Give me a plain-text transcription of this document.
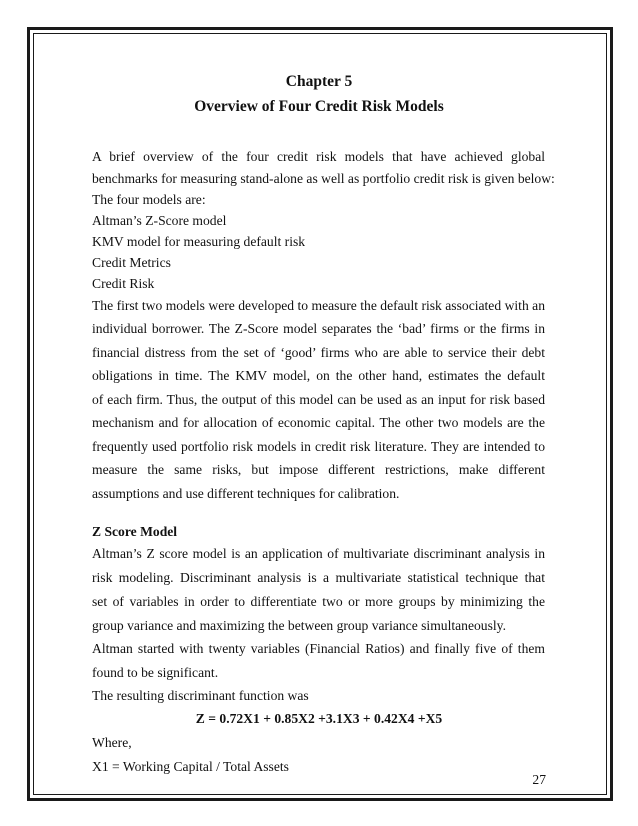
Chapter 5
Overview of Four Credit Risk Models
A brief overview of the four credit risk models that have achieved global
benchmarks for measuring stand-alone as well as portfolio credit risk is given below:
The four models are:
Altman’s Z-Score model
KMV model for measuring default risk
Credit Metrics
Credit Risk
The first two models were developed to measure the default risk associated with an
individual borrower. The Z-Score model separates the ‘bad’ firms or the firms in
financial distress from the set of ‘good’ firms who are able to service their debt
obligations in time. The KMV model, on the other hand, estimates the default
of each firm. Thus, the output of this model can be used as an input for risk based
mechanism and for allocation of economic capital. The other two models are the
frequently used portfolio risk models in credit risk literature. They are intended to
measure the same risks, but impose different restrictions, make different
assumptions and use different techniques for calibration.
Z Score Model
Altman’s Z score model is an application of multivariate discriminant analysis in
risk modeling. Discriminant analysis is a multivariate statistical technique that
set of variables in order to differentiate two or more groups by minimizing the
group variance and maximizing the between group variance simultaneously.
Altman started with twenty variables (Financial Ratios) and finally five of them
found to be significant.
The resulting discriminant function was
Z = 0.72X1 + 0.85X2 +3.1X3 + 0.42X4 +X5
Where,
X1 = Working Capital / Total Assets
27
